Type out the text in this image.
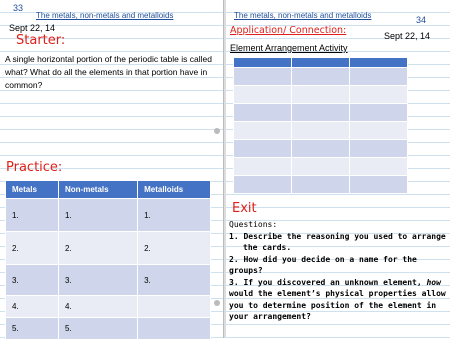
33
The metals, non-metals and metalloids
Sept 22, 14
Starter:
A single horizontal portion of the periodic table is called what? What do all the elements in that portion have in common?
Practice:
Metals	Non-metals	Metalloids
1.	1.	1.
2.	2.	2.
3.	3.	3.
4.	4.	
5.	5.	
The metals, non-metals and metalloids	34
Application/ Connection:	Sept 22, 14
Element Arrangement Activity

Exit
Questions:
1. Describe the reasoning you used to arrange the cards.
2. How did you decide on a name for the groups?
3. If you discovered an unknown element, how would the element’s physical properties allow you to determine position of the element in your arrangement?
